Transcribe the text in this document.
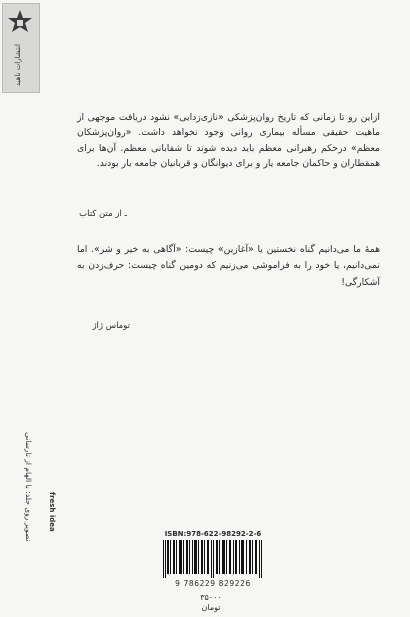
انتشارات ناهید
ازاین رو تا زمانی که تاریخ روان‌پزشکی «نازی‌زدایی» نشود دریافت موجهی از ماهیت حقیقی مسأله بیماری روانی وجود نخواهد داشت. «روان‌پزشکان معظم» درحکم رهبرانی معظم باید دیده شوند تا شفابانی معظم. آن‌ها برای همقطاران و حاکمان جامعه یار و برای دیوانگان و قربانیان جامعه بار بودند.
ـ از متن کتاب
همهٔ ما می‌دانیم گناه نخستین یا «آغازین» چیست: «آگاهی به خیر و شر». اما نمی‌دانیم، یا خود را به فراموشی می‌زنیم که دومین گناه چیست: حرف‌زدن به آشکارگی!
توماس ژاژ
تصویر روی جلد: با الهام از تارسانی fresh idea
ISBN:978-622-98292-2-6
9 786229 829226
۳۵۰۰۰
تومان
